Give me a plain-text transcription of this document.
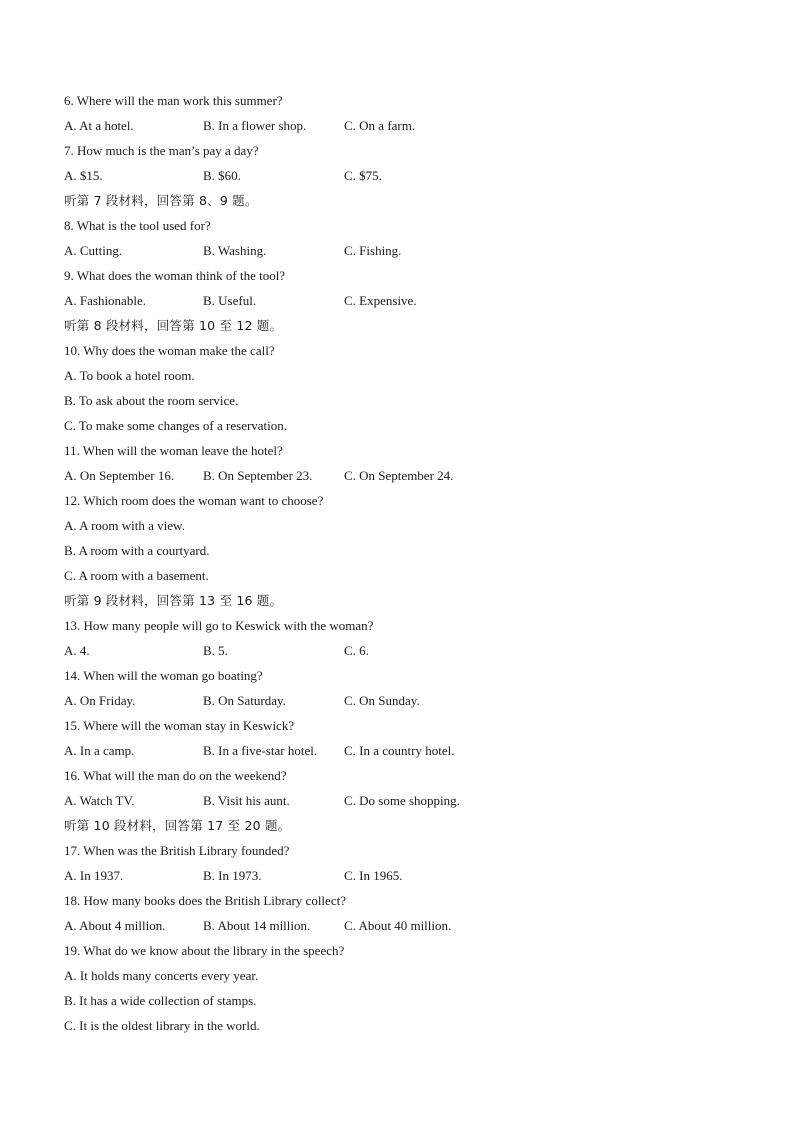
6. Where will the man work this summer?
A. At a hotel.	B. In a flower shop.	C. On a farm.
7. How much is the man’s pay a day?
A. $15.	B. $60.	C. $75.
听第 7 段材料，回答第 8、9 题。
8. What is the tool used for?
A. Cutting.	B. Washing.	C. Fishing.
9. What does the woman think of the tool?
A. Fashionable.	B. Useful.	C. Expensive.
听第 8 段材料，回答第 10 至 12 题。
10. Why does the woman make the call?
A. To book a hotel room.
B. To ask about the room service.
C. To make some changes of a reservation.
11. When will the woman leave the hotel?
A. On September 16. B. On September 23. C. On September 24.
12. Which room does the woman want to choose?
A. A room with a view.
B. A room with a courtyard.
C. A room with a basement.
听第 9 段材料，回答第 13 至 16 题。
13. How many people will go to Keswick with the woman?
A. 4.	B. 5.	C. 6.
14. When will the woman go boating?
A. On Friday.	B. On Saturday.	C. On Sunday.
15. Where will the woman stay in Keswick?
A. In a camp.	B. In a five-star hotel. C. In a country hotel.
16. What will the man do on the weekend?
A. Watch TV.	B. Visit his aunt.	C. Do some shopping.
听第 10 段材料，回答第 17 至 20 题。
17. When was the British Library founded?
A. In 1937.	B. In 1973.	C. In 1965.
18. How many books does the British Library collect?
A. About 4 million.	B. About 14 million.	C. About 40 million.
19. What do we know about the library in the speech?
A. It holds many concerts every year.
B. It has a wide collection of stamps.
C. It is the oldest library in the world.
